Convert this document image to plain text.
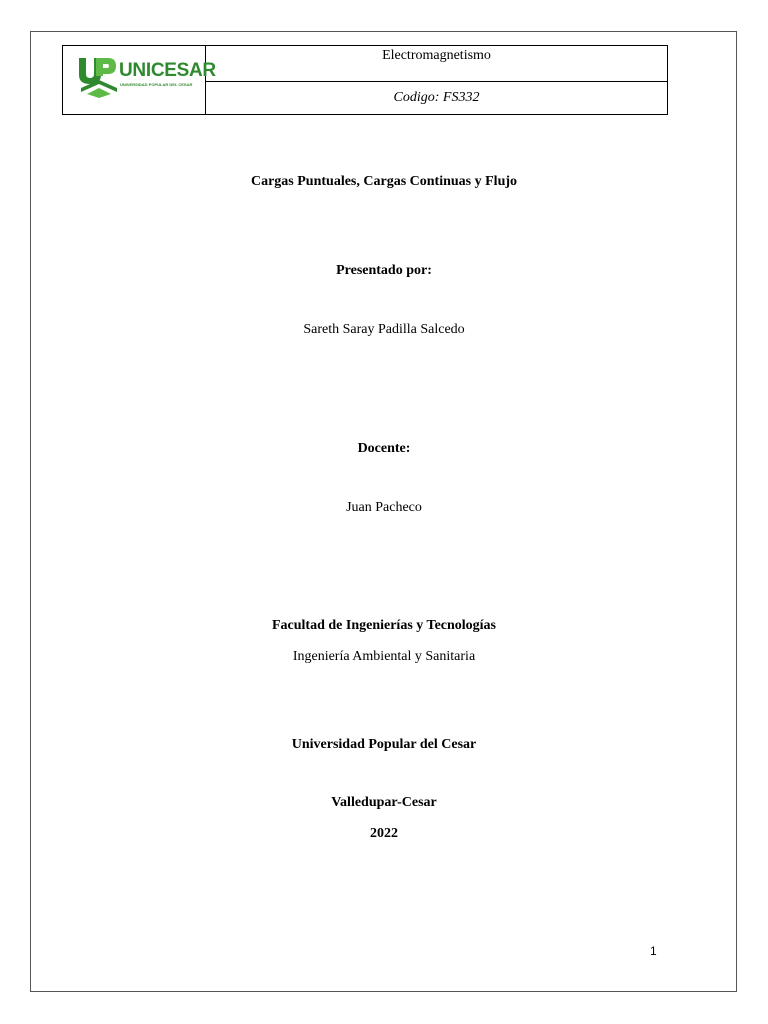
UNICESAR
UNIVERSIDAD POPULAR DEL CESAR
Electromagnetismo
Codigo: FS332
Cargas Puntuales, Cargas Continuas y Flujo
Presentado por:
Sareth Saray Padilla Salcedo
Docente:
Juan Pacheco
Facultad de Ingenierías y Tecnologías
Ingeniería Ambiental y Sanitaria
Universidad Popular del Cesar
Valledupar-Cesar
2022
1
